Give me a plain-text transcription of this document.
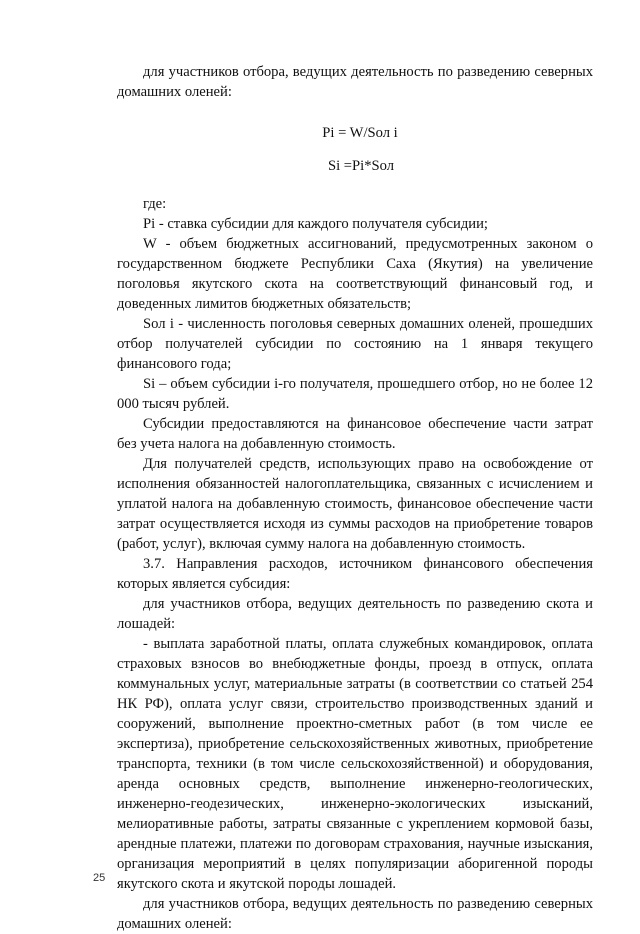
для участников отбора, ведущих деятельность по разведению северных домашних оленей:

Pi = W/Sол i

Si =Pi*Sол

где:

Pi - ставка субсидии для каждого получателя субсидии;

W - объем бюджетных ассигнований, предусмотренных законом о государственном бюджете Республики Саха (Якутия) на увеличение поголовья якутского скота на соответствующий финансовый год, и доведенных лимитов бюджетных обязательств;

Sол i - численность поголовья северных домашних оленей, прошедших отбор получателей субсидии по состоянию на 1 января текущего финансового года;

Si – объем субсидии i-го получателя, прошедшего отбор, но не более 12 000 тысяч рублей.

Субсидии предоставляются на финансовое обеспечение части затрат без учета налога на добавленную стоимость.

Для получателей средств, использующих право на освобождение от исполнения обязанностей налогоплательщика, связанных с исчислением и уплатой налога на добавленную стоимость, финансовое обеспечение части затрат осуществляется исходя из суммы расходов на приобретение товаров (работ, услуг), включая сумму налога на добавленную стоимость.

3.7. Направления расходов, источником финансового обеспечения которых является субсидия:

для участников отбора, ведущих деятельность по разведению скота и лошадей:

- выплата заработной платы, оплата служебных командировок, оплата страховых взносов во внебюджетные фонды, проезд в отпуск, оплата коммунальных услуг, материальные затраты (в соответствии со статьей 254 НК РФ), оплата услуг связи, строительство производственных зданий и сооружений, выполнение проектно-сметных работ (в том числе ее экспертиза), приобретение сельскохозяйственных животных, приобретение транспорта, техники (в том числе сельскохозяйственной) и оборудования, аренда основных средств, выполнение инженерно-геологических, инженерно-геодезических, инженерно-экологических изысканий, мелиоративные работы, затраты связанные с укреплением кормовой базы, арендные платежи, платежи по договорам страхования, научные изыскания, организация мероприятий в целях популяризации аборигенной породы якутского скота и якутской породы лошадей.

для участников отбора, ведущих деятельность по разведению северных домашних оленей:

25
